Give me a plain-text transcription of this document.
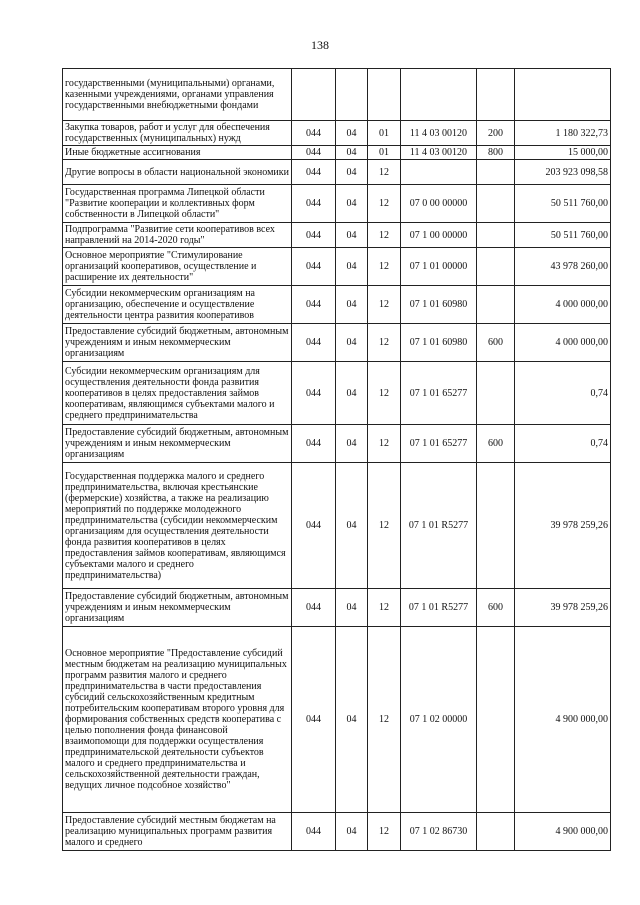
138
государственными (муниципальными) органами, казенными учреждениями, органами управления государственными внебюджетными фондами						
Закупка товаров, работ и услуг для обеспечения государственных (муниципальных) нужд	044	04	01	11 4 03 00120	200	1 180 322,73
Иные бюджетные ассигнования	044	04	01	11 4 03 00120	800	15 000,00
Другие вопросы в области национальной экономики	044	04	12			203 923 098,58
Государственная программа Липецкой области "Развитие кооперации и коллективных форм собственности в Липецкой области"	044	04	12	07 0 00 00000		50 511 760,00
Подпрограмма "Развитие сети кооперативов всех направлений на 2014-2020 годы"	044	04	12	07 1 00 00000		50 511 760,00
Основное мероприятие "Стимулирование организаций кооперативов, осуществление и расширение их деятельности"	044	04	12	07 1 01 00000		43 978 260,00
Субсидии некоммерческим организациям на организацию, обеспечение и осуществление деятельности центра развития кооперативов	044	04	12	07 1 01 60980		4 000 000,00
Предоставление субсидий бюджетным, автономным учреждениям и иным некоммерческим организациям	044	04	12	07 1 01 60980	600	4 000 000,00
Субсидии некоммерческим организациям для осуществления деятельности фонда развития кооперативов в целях предоставления займов кооперативам, являющимся субъектами малого и среднего предпринимательства	044	04	12	07 1 01 65277		0,74
Предоставление субсидий бюджетным, автономным учреждениям и иным некоммерческим организациям	044	04	12	07 1 01 65277	600	0,74
Государственная поддержка малого и среднего предпринимательства, включая крестьянские (фермерские) хозяйства, а также на реализацию мероприятий по поддержке молодежного предпринимательства (субсидии некоммерческим организациям для осуществления деятельности фонда развития кооперативов в целях предоставления займов кооперативам, являющимся субъектами малого и среднего предпринимательства)	044	04	12	07 1 01 R5277		39 978 259,26
Предоставление субсидий бюджетным, автономным учреждениям и иным некоммерческим организациям	044	04	12	07 1 01 R5277	600	39 978 259,26
Основное мероприятие "Предоставление субсидий местным бюджетам на реализацию муниципальных программ развития малого и среднего предпринимательства в части предоставления субсидий сельскохозяйственным кредитным потребительским кооперативам второго уровня для формирования собственных средств кооператива с целью пополнения фонда финансовой взаимопомощи для поддержки осуществления предпринимательской деятельности субъектов малого и среднего предпринимательства и сельскохозяйственной деятельности граждан, ведущих личное подсобное хозяйство"	044	04	12	07 1 02 00000		4 900 000,00
Предоставление субсидий местным бюджетам на реализацию муниципальных программ развития малого и среднего	044	04	12	07 1 02 86730		4 900 000,00
